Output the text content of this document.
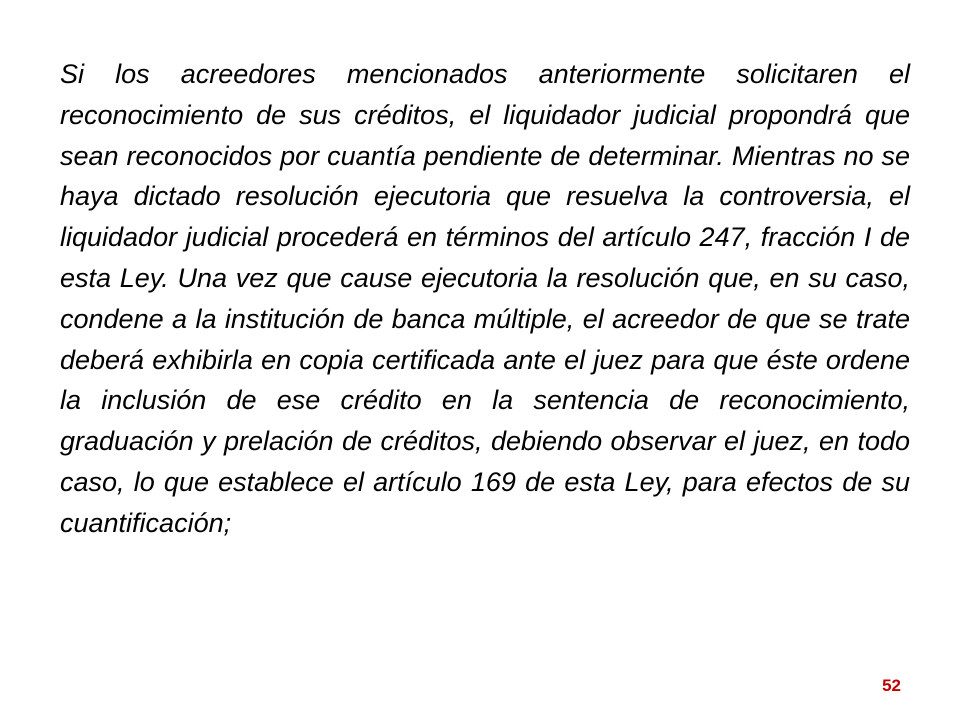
Si los acreedores mencionados anteriormente solicitaren el reconocimiento de sus créditos, el liquidador judicial propondrá que sean reconocidos por cuantía pendiente de determinar. Mientras no se haya dictado resolución ejecutoria que resuelva la controversia, el liquidador judicial procederá en términos del artículo 247, fracción I de esta Ley. Una vez que cause ejecutoria la resolución que, en su caso, condene a la institución de banca múltiple, el acreedor de que se trate deberá exhibirla en copia certificada ante el juez para que éste ordene la inclusión de ese crédito en la sentencia de reconocimiento, graduación y prelación de créditos, debiendo observar el juez, en todo caso, lo que establece el artículo 169 de esta Ley, para efectos de su cuantificación;

52
